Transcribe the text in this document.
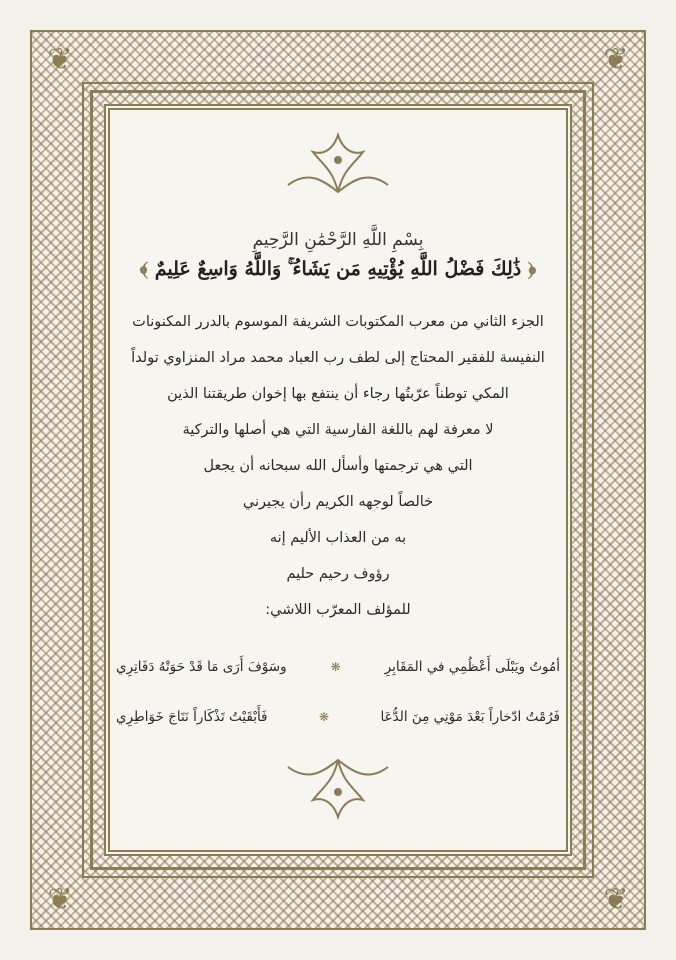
❦	❦
❦	❦
بِسْمِ اللَّهِ الرَّحْمَٰنِ الرَّحِيمِ
﴿ ذَٰلِكَ فَضْلُ اللَّهِ يُؤْتِيهِ مَن يَشَاءُ ۚ وَاللَّهُ وَاسِعٌ عَلِيمٌ ﴾
الجزء الثاني من معرب المكتوبات الشريفة الموسوم بالدرر المكنونات
النفيسة للفقير المحتاج إلى لطف رب العباد محمد مراد المنزاوي تولداً
المكي توطناً عرّبتُها رجاء أن ينتفع بها إخوان طريقتنا الذين
لا معرفة لهم باللغة الفارسية التي هي أصلها والتركية
التي هي ترجمتها وأسأل الله سبحانه أن يجعل
خالصاً لوجهه الكريم رأن يجيرني
به من العذاب الأليم إنه
رؤوف رحيم حليم
للمؤلف المعرّب اللاشي:
أمُوتُ ويَبْلَى أَعْظُمِي في المَقَابِرِ
❋
وسَوْفَ أَرَى مَا قَدْ حَوَتْهُ دَفَاتِرِي
فَرُمْتُ ادّخاراً بَعْدَ مَوْتِي مِنَ الدُّعَا
❋
فَأَبْقَيْتُ تَذْكَاراً نَتَاجَ خَوَاطِرِي
